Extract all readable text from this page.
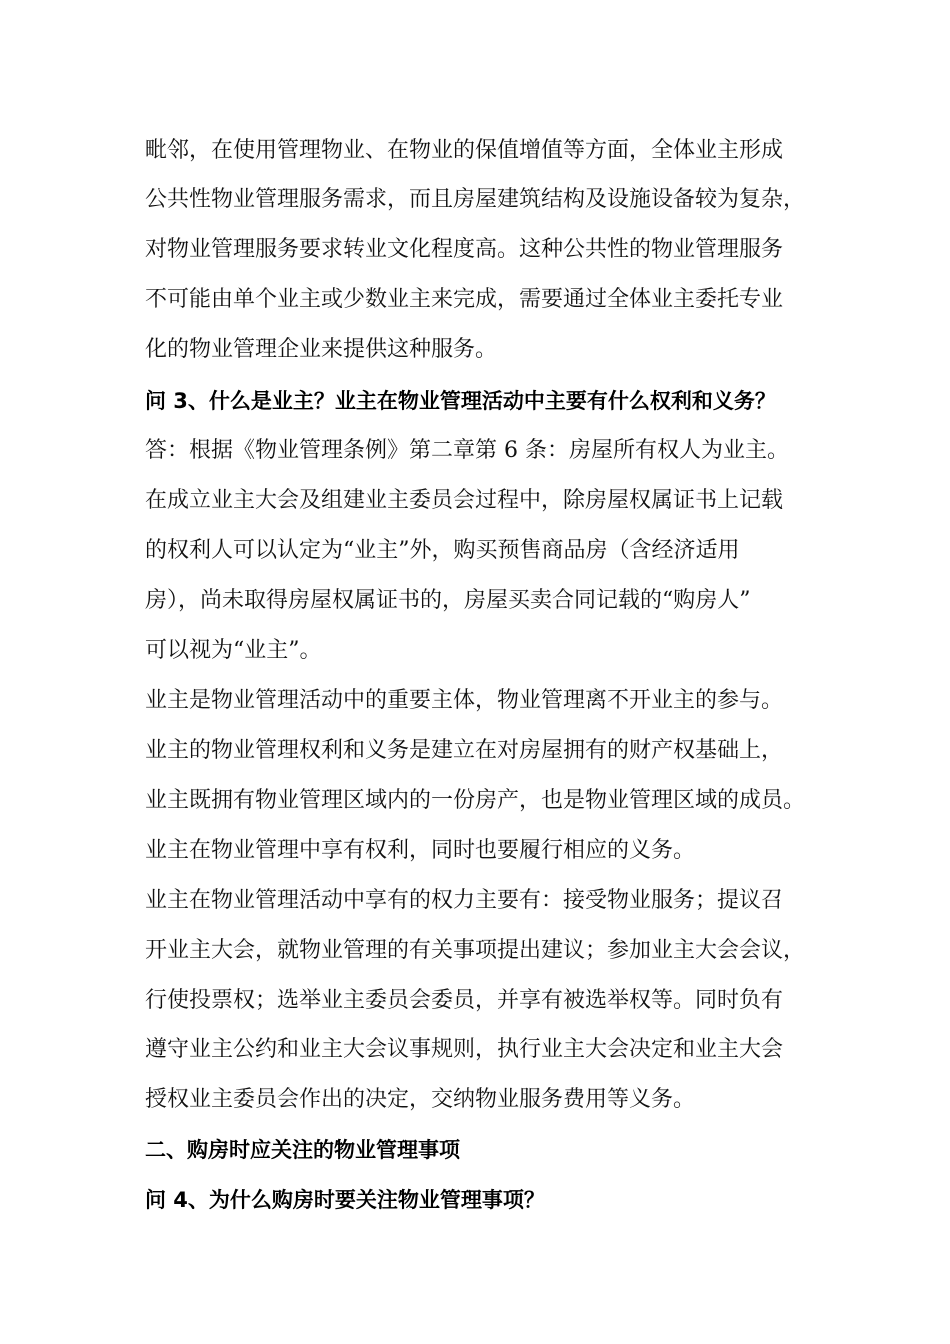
毗邻，在使用管理物业、在物业的保值增值等方面，全体业主形成
公共性物业管理服务需求，而且房屋建筑结构及设施设备较为复杂，
对物业管理服务要求转业文化程度高。这种公共性的物业管理服务
不可能由单个业主或少数业主来完成，需要通过全体业主委托专业
化的物业管理企业来提供这种服务。
问 3、什么是业主？业主在物业管理活动中主要有什么权利和义务？
答：根据《物业管理条例》第二章第 6 条：房屋所有权人为业主。
在成立业主大会及组建业主委员会过程中，除房屋权属证书上记载
的权利人可以认定为“业主”外，购买预售商品房（含经济适用
房），尚未取得房屋权属证书的，房屋买卖合同记载的“购房人”
可以视为“业主”。
业主是物业管理活动中的重要主体，物业管理离不开业主的参与。
业主的物业管理权利和义务是建立在对房屋拥有的财产权基础上，
业主既拥有物业管理区域内的一份房产，也是物业管理区域的成员。
业主在物业管理中享有权利，同时也要履行相应的义务。
业主在物业管理活动中享有的权力主要有：接受物业服务；提议召
开业主大会，就物业管理的有关事项提出建议；参加业主大会会议，
行使投票权；选举业主委员会委员，并享有被选举权等。同时负有
遵守业主公约和业主大会议事规则，执行业主大会决定和业主大会
授权业主委员会作出的决定，交纳物业服务费用等义务。
二、购房时应关注的物业管理事项
问 4、为什么购房时要关注物业管理事项？
